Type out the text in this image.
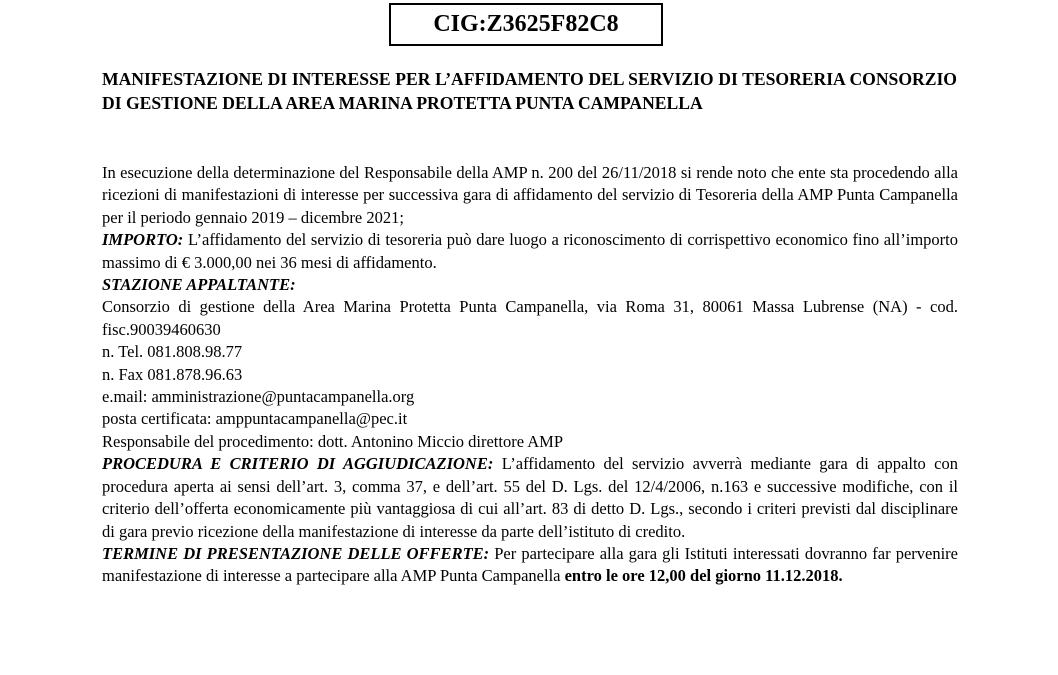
CIG:Z3625F82C8
MANIFESTAZIONE DI INTERESSE PER L’AFFIDAMENTO DEL SERVIZIO DI TESORERIA CONSORZIO DI GESTIONE DELLA AREA MARINA PROTETTA PUNTA CAMPANELLA
In esecuzione della determinazione del Responsabile della AMP n. 200 del 26/11/2018 si rende noto che ente sta procedendo alla ricezioni di manifestazioni di interesse per successiva gara di affidamento del servizio di Tesoreria della AMP Punta Campanella per il periodo gennaio 2019 – dicembre 2021;
IMPORTO: L’affidamento del servizio di tesoreria può dare luogo a riconoscimento di corrispettivo economico fino all’importo massimo di € 3.000,00 nei 36 mesi di affidamento.
STAZIONE APPALTANTE:
Consorzio di gestione della Area Marina Protetta Punta Campanella, via Roma 31, 80061 Massa Lubrense (NA) - cod. fisc.90039460630
n. Tel. 081.808.98.77
n. Fax 081.878.96.63
e.mail: amministrazione@puntacampanella.org
posta certificata: amppuntacampanella@pec.it
Responsabile del procedimento: dott. Antonino Miccio direttore AMP
PROCEDURA E CRITERIO DI AGGIUDICAZIONE: L’affidamento del servizio avverrà mediante gara di appalto con procedura aperta ai sensi dell’art. 3, comma 37, e dell’art. 55 del D. Lgs. del 12/4/2006, n.163 e successive modifiche, con il criterio dell’offerta economicamente più vantaggiosa di cui all’art. 83 di detto D. Lgs., secondo i criteri previsti dal disciplinare di gara previo ricezione della manifestazione di interesse da parte dell’istituto di credito.
TERMINE DI PRESENTAZIONE DELLE OFFERTE: Per partecipare alla gara gli Istituti interessati dovranno far pervenire manifestazione di interesse a partecipare alla AMP Punta Campanella entro le ore 12,00 del giorno 11.12.2018.
